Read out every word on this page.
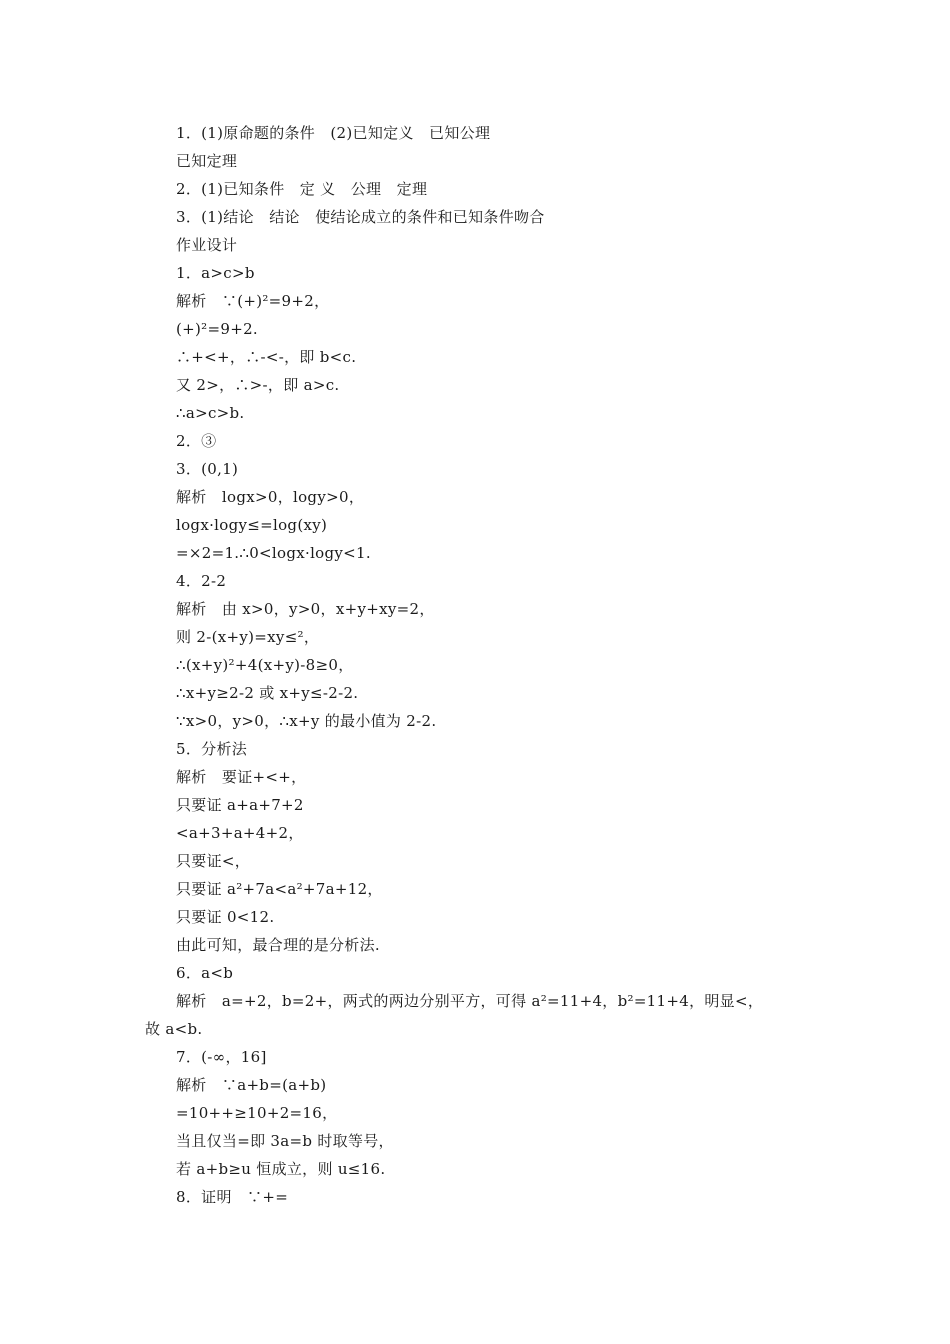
1．(1)原命题的条件　(2)已知定义　已知公理
已知定理
2．(1)已知条件　定 义　公理　定理
3．(1)结论　结论　使结论成立的条件和已知条件吻合
作业设计
1．a>c>b
解析　∵(+)²=9+2，
(+)²=9+2.
∴+<+，∴-<-，即 b<c.
又 2>，∴>-，即 a>c.
∴a>c>b.
2．③
3．(0,1)
解析　logx>0，logy>0，
logx·logy≤=log(xy)
=×2=1.∴0<logx·logy<1.
4．2-2
解析　由 x>0，y>0，x+y+xy=2，
则 2-(x+y)=xy≤²，
∴(x+y)²+4(x+y)-8≥0，
∴x+y≥2-2 或 x+y≤-2-2.
∵x>0，y>0，∴x+y 的最小值为 2-2.
5．分析法
解析　要证+<+，
只要证 a+a+7+2
<a+3+a+4+2，
只要证<，
只要证 a²+7a<a²+7a+12，
只要证 0<12.
由此可知，最合理的是分析法.
6．a<b
解析　a=+2，b=2+，两式的两边分别平方，可得 a²=11+4，b²=11+4，明显<，
故 a<b.
7．(-∞，16]
解析　∵a+b=(a+b)
=10++≥10+2=16，
当且仅当=即 3a=b 时取等号，
若 a+b≥u 恒成立，则 u≤16.
8．证明　∵+=
